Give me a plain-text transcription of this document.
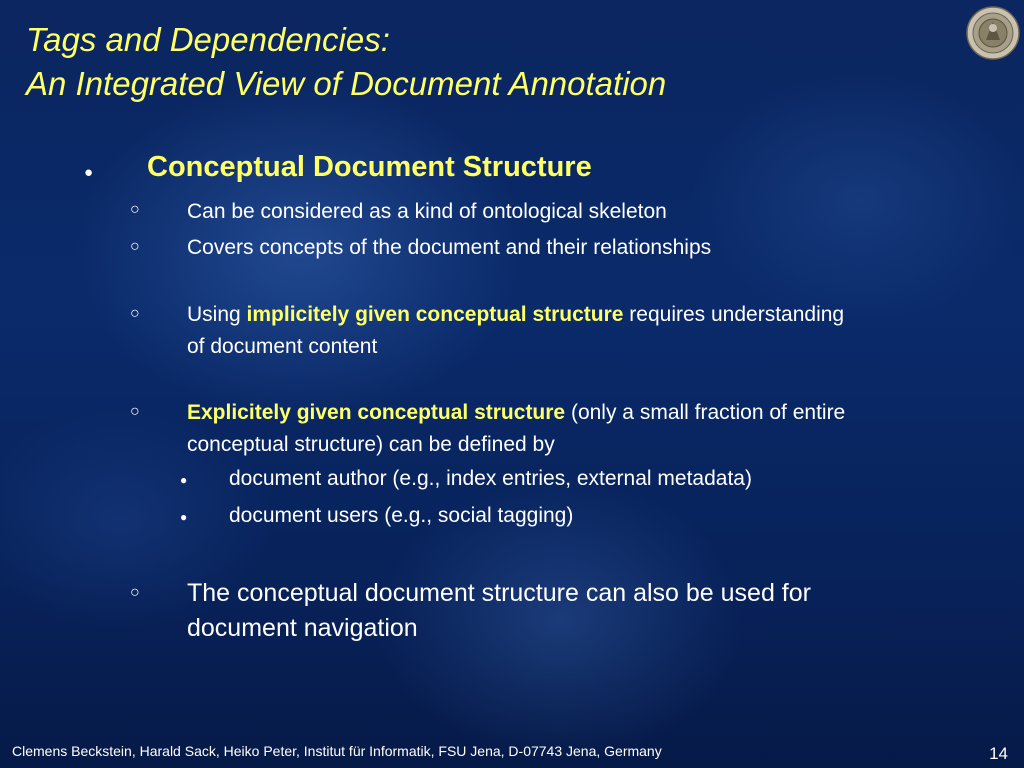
Tags and Dependencies:
An Integrated View of Document Annotation
● Conceptual Document Structure
○ Can be considered as a kind of ontological skeleton
○ Covers concepts of the document and their relationships
○ Using implicitely given conceptual structure requires understanding
of document content
○ Explicitely given conceptual structure (only a small fraction of entire
conceptual structure) can be defined by
● document author (e.g., index entries, external metadata)
● document users (e.g., social tagging)
○ The conceptual document structure can also be used for
document navigation
Clemens Beckstein, Harald Sack, Heiko Peter, Institut für Informatik, FSU Jena, D-07743 Jena, Germany	14
